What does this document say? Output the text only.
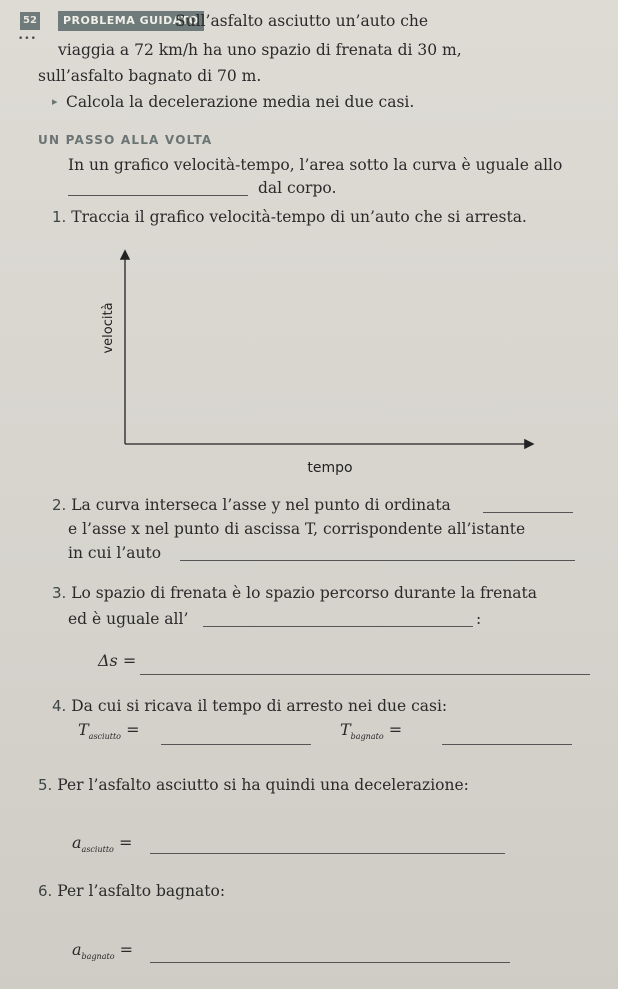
52
•••
PROBLEMA GUIDATO
Sull’asfalto asciutto un’auto che
viaggia a 72 km/h ha uno spazio di frenata di 30 m,
sull’asfalto bagnato di 70 m.
▸ Calcola la decelerazione media nei due casi.
UN PASSO ALLA VOLTA
In un grafico velocità-tempo, l’area sotto la curva è uguale allo
dal corpo.
1. Traccia il grafico velocità-tempo di un’auto che si arresta.
velocità
tempo
2. La curva interseca l’asse y nel punto di ordinata
e l’asse x nel punto di ascissa T, corrispondente all’istante
in cui l’auto
3. Lo spazio di frenata è lo spazio percorso durante la frenata
ed è uguale all’	:
Δs =
4. Da cui si ricava il tempo di arresto nei due casi:
$T_{asciutto}$ =	$T_{bagnato}$ =
5. Per l’asfalto asciutto si ha quindi una decelerazione:
$a_{asciutto}$ =
6. Per l’asfalto bagnato:
$a_{bagnato}$ =
